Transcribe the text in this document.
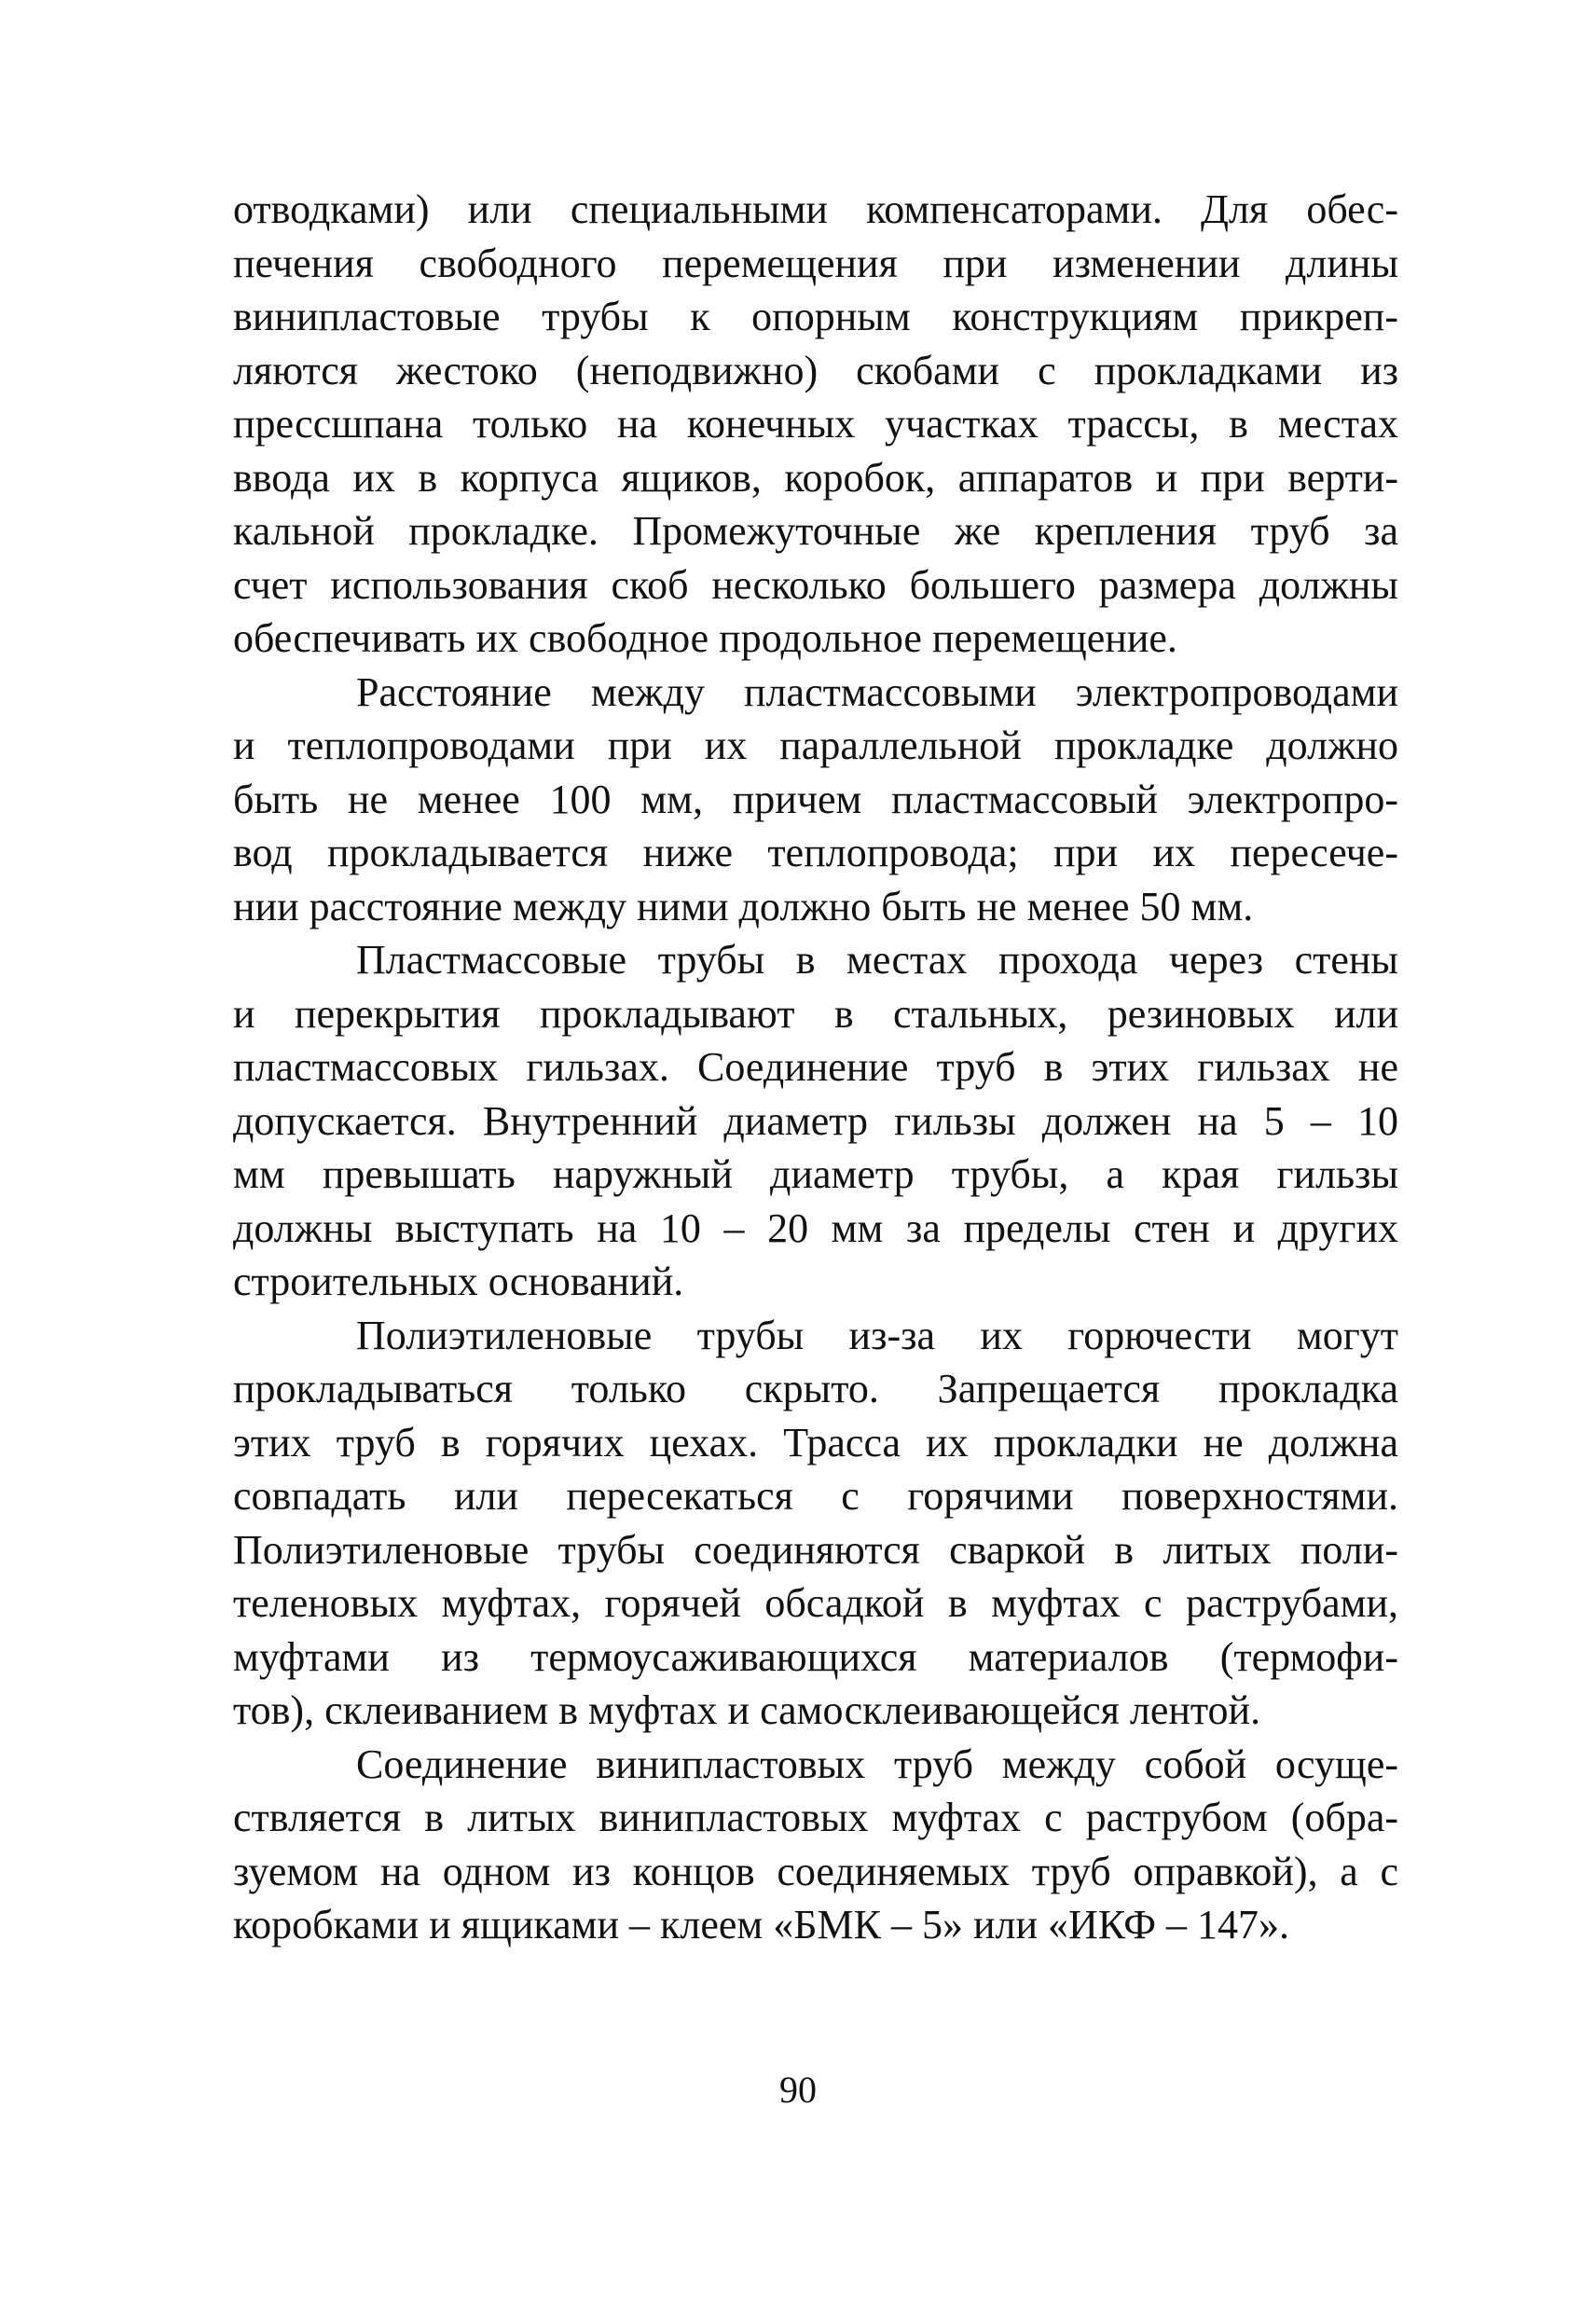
отводками) или специальными компенсаторами. Для обес-
печения свободного перемещения при изменении длины
винипластовые трубы к опорным конструкциям прикреп-
ляются жестоко (неподвижно) скобами с прокладками из
прессшпана только на конечных участках трассы, в местах
ввода их в корпуса ящиков, коробок, аппаратов и при верти-
кальной прокладке. Промежуточные же крепления труб за
счет использования скоб несколько большего размера должны
обеспечивать их свободное продольное перемещение.
Расстояние между пластмассовыми электропроводами
и теплопроводами при их параллельной прокладке должно
быть не менее 100 мм, причем пластмассовый электропро-
вод прокладывается ниже теплопровода; при их пересече-
нии расстояние между ними должно быть не менее 50 мм.
Пластмассовые трубы в местах прохода через стены
и перекрытия прокладывают в стальных, резиновых или
пластмассовых гильзах. Соединение труб в этих гильзах не
допускается. Внутренний диаметр гильзы должен на 5 – 10
мм превышать наружный диаметр трубы, а края гильзы
должны выступать на 10 – 20 мм за пределы стен и других
строительных оснований.
Полиэтиленовые трубы из-за их горючести могут
прокладываться только скрыто. Запрещается прокладка
этих труб в горячих цехах. Трасса их прокладки не должна
совпадать или пересекаться с горячими поверхностями.
Полиэтиленовые трубы соединяются сваркой в литых поли-
теленовых муфтах, горячей обсадкой в муфтах с раструбами,
муфтами из термоусаживающихся материалов (термофи-
тов), склеиванием в муфтах и самосклеивающейся лентой.
Соединение винипластовых труб между собой осуще-
ствляется в литых винипластовых муфтах с раструбом (обра-
зуемом на одном из концов соединяемых труб оправкой), а с
коробками и ящиками – клеем «БМК – 5» или «ИКФ – 147».
90
